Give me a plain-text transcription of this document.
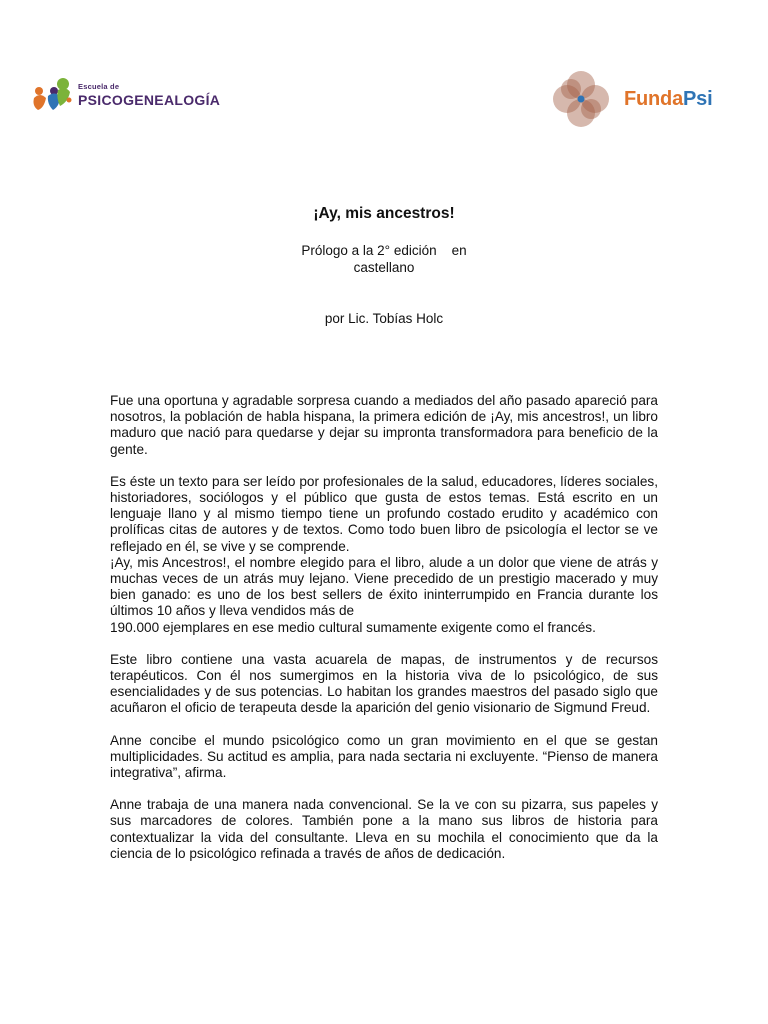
Escuela de
PSICOGENEALOGÍA	FundaPsi
¡Ay, mis ancestros!
Prólogo a la 2° edición    en
castellano
por Lic. Tobías Holc

Fue una oportuna y agradable sorpresa cuando a mediados del año pasado apareció para nosotros, la población de habla hispana, la primera edición de ¡Ay, mis ancestros!, un libro maduro que nació para quedarse y dejar su impronta transformadora para beneficio de la gente.

Es éste un texto para ser leído por profesionales de la salud, educadores, líderes sociales, historiadores, sociólogos y el público que gusta de estos temas. Está escrito en un lenguaje llano y al mismo tiempo tiene un profundo costado erudito y académico con prolíficas citas de autores y de textos. Como todo buen libro de psicología el lector se ve reflejado en él, se vive y se comprende.

¡Ay, mis Ancestros!, el nombre elegido para el libro, alude a un dolor que viene de atrás y muchas veces de un atrás muy lejano. Viene precedido de un prestigio macerado y muy bien ganado: es uno de los best sellers de éxito ininterrumpido en Francia durante los últimos 10 años y lleva vendidos más de

190.000 ejemplares en ese medio cultural sumamente exigente como el francés.

Este libro contiene una vasta acuarela de mapas, de instrumentos y de recursos terapéuticos. Con él nos sumergimos en la historia viva de lo psicológico, de sus esencialidades y de sus potencias. Lo habitan los grandes maestros del pasado siglo que acuñaron el oficio de terapeuta desde la aparición del genio visionario de Sigmund Freud.

Anne concibe el mundo psicológico como un gran movimiento en el que se gestan multiplicidades. Su actitud es amplia, para nada sectaria ni excluyente. “Pienso de manera integrativa”, afirma.

Anne trabaja de una manera nada convencional. Se la ve con su pizarra, sus papeles y sus marcadores de colores. También pone a la mano sus libros de historia para contextualizar la vida del consultante. Lleva en su mochila el conocimiento que da la ciencia de lo psicológico refinada a través de años de dedicación.
